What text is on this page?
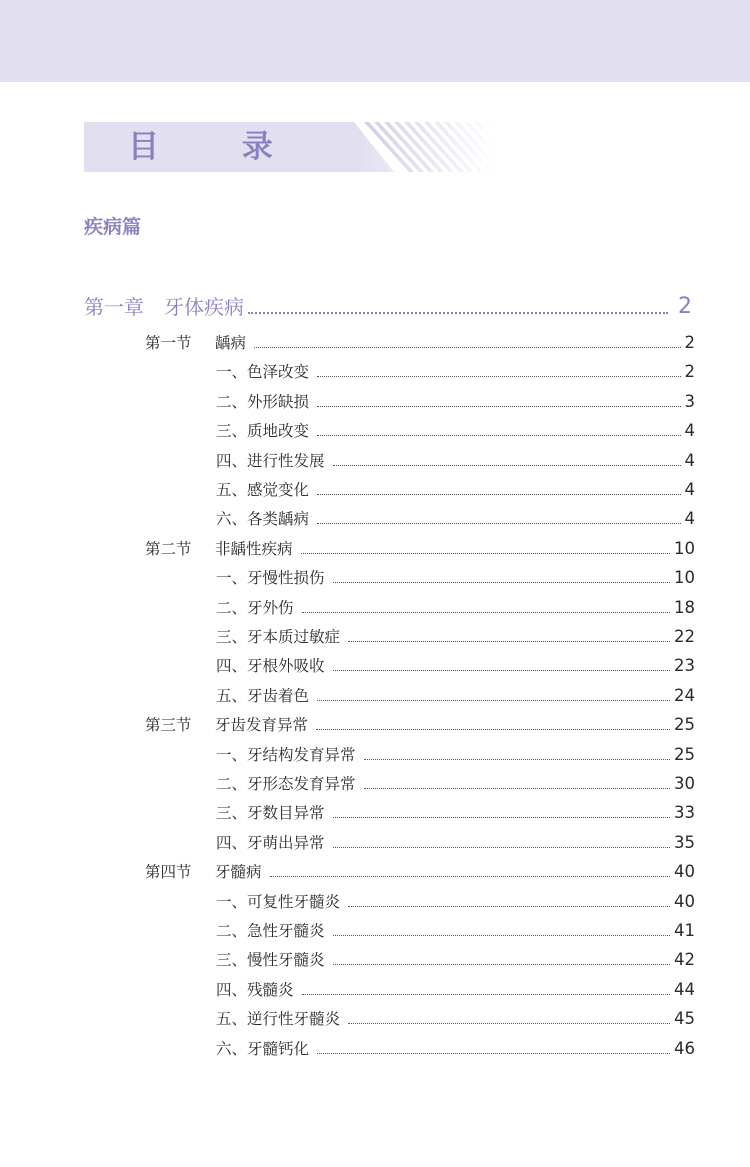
目 录
疾病篇
第一章 牙体疾病	2
第一节	龋病	2
一、色泽改变	2
二、外形缺损	3
三、质地改变	4
四、进行性发展	4
五、感觉变化	4
六、各类龋病	4
第二节	非龋性疾病	10
一、牙慢性损伤	10
二、牙外伤	18
三、牙本质过敏症	22
四、牙根外吸收	23
五、牙齿着色	24
第三节	牙齿发育异常	25
一、牙结构发育异常	25
二、牙形态发育异常	30
三、牙数目异常	33
四、牙萌出异常	35
第四节	牙髓病	40
一、可复性牙髓炎	40
二、急性牙髓炎	41
三、慢性牙髓炎	42
四、残髓炎	44
五、逆行性牙髓炎	45
六、牙髓钙化	46
